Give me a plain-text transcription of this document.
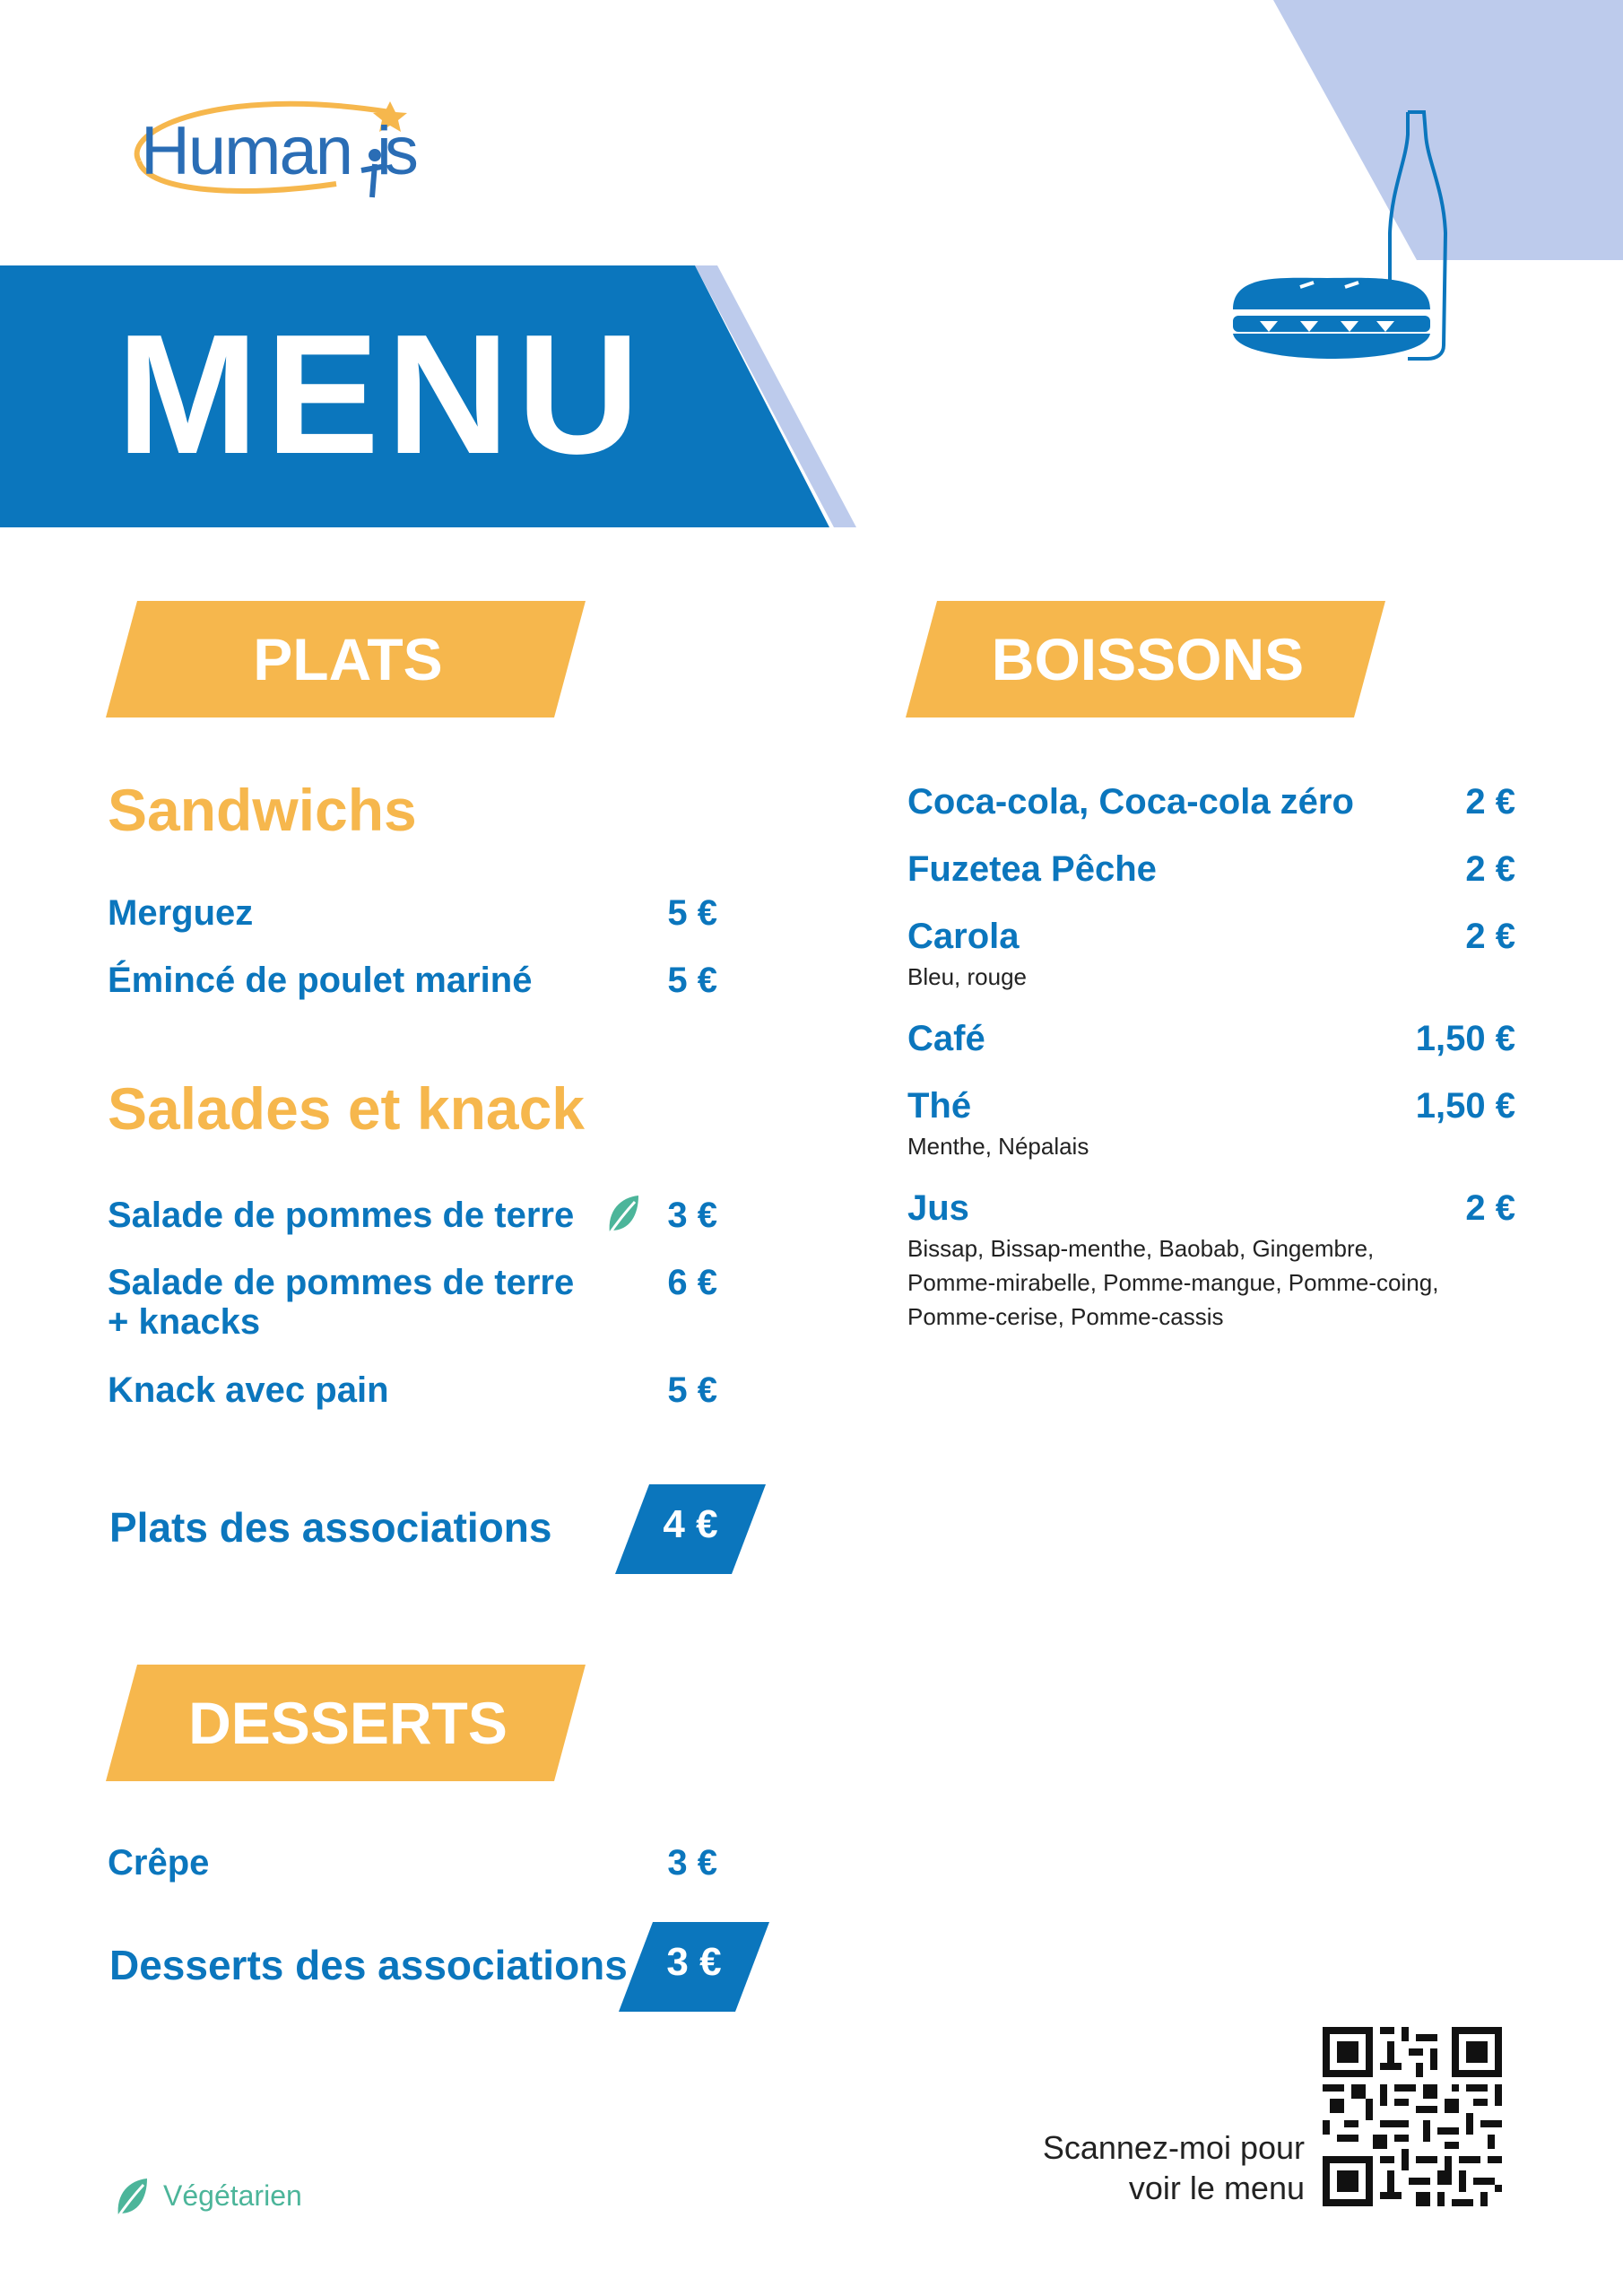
Human is
MENU
PLATS	BOISSONS
Sandwichs
Merguez	5 €
Émincé de poulet mariné	5 €
Salades et knack
Salade de pommes de terre	3 €
Salade de pommes de terre
+ knacks
6 €
Knack avec pain	5 €
Plats des associations	4 €
DESSERTS
Crêpe	3 €
Desserts des associations 3 €
Coca-cola, Coca-cola zéro	2 €
Fuzetea Pêche	2 €
Carola	2 €
Bleu, rouge
Café	1,50 €
Thé	1,50 €
Menthe, Népalais
Jus	2 €
Bissap, Bissap-menthe, Baobab, Gingembre,
Pomme-mirabelle, Pomme-mangue, Pomme-coing,
Pomme-cerise, Pomme-cassis
Végétarien
Scannez-moi pour
voir le menu
